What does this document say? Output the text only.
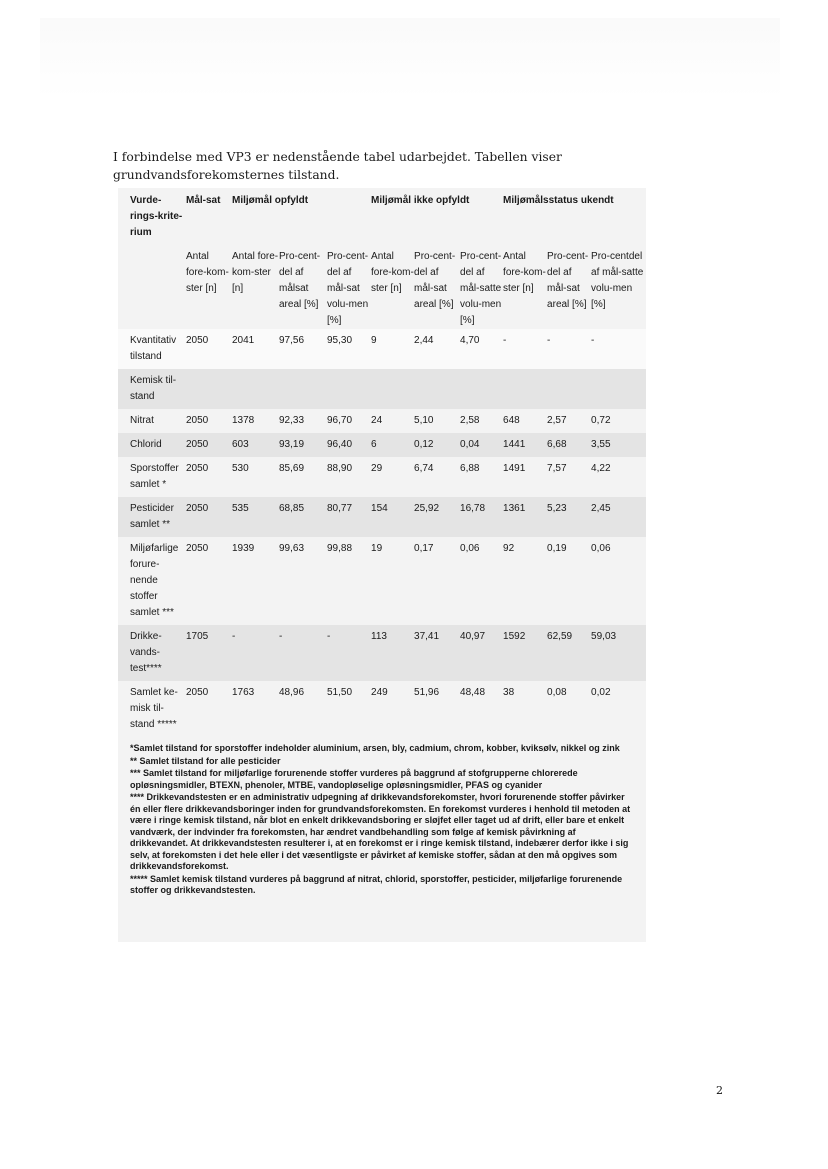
I forbindelse med VP3 er nedenstående tabel udarbejdet. Tabellen viser grundvandsforekomsternes tilstand.
Vurde-rings-krite-rium	Mål-sat	Miljømål opfyldt			Miljømål ikke opfyldt			Miljømålsstatus ukendt		
	Antal fore-kom-ster [n]	Antal fore-kom-ster [n]	Pro-cent-del af målsat areal [%]	Pro-cent-del af mål-sat volu-men [%]	Antal fore-kom-ster [n]	Pro-cent-del af mål-sat areal [%]	Pro-cent-del af mål-satte volu-men [%]	Antal fore-kom-ster [n]	Pro-cent-del af mål-sat areal [%]	Pro-centdel af mål-satte volu-men [%]
Kvantitativ tilstand	2050	2041	97,56	95,30	9	2,44	4,70	-	-	-
Kemisk til-stand										
Nitrat	2050	1378	92,33	96,70	24	5,10	2,58	648	2,57	0,72
Chlorid	2050	603	93,19	96,40	6	0,12	0,04	1441	6,68	3,55
Sporstoffer samlet *	2050	530	85,69	88,90	29	6,74	6,88	1491	7,57	4,22
Pesticider samlet **	2050	535	68,85	80,77	154	25,92	16,78	1361	5,23	2,45
Miljøfarlige forure-nende stoffer samlet ***	2050	1939	99,63	99,88	19	0,17	0,06	92	0,19	0,06
Drikke-vands-test****	1705	-	-	-	113	37,41	40,97	1592	62,59	59,03
Samlet ke-misk til-stand *****	2050	1763	48,96	51,50	249	51,96	48,48	38	0,08	0,02
*Samlet tilstand for sporstoffer indeholder aluminium, arsen, bly, cadmium, chrom, kobber, kviksølv, nikkel og zink
** Samlet tilstand for alle pesticider
*** Samlet tilstand for miljøfarlige forurenende stoffer vurderes på baggrund af stofgrupperne chlorerede opløsningsmidler, BTEXN, phenoler, MTBE, vandopløselige opløsningsmidler, PFAS og cyanider
**** Drikkevandstesten er en administrativ udpegning af drikkevandsforekomster, hvori forurenende stoffer påvirker én eller flere drikkevandsboringer inden for grundvandsforekomsten. En forekomst vurderes i henhold til metoden at være i ringe kemisk tilstand, når blot en enkelt drikkevandsboring er sløjfet eller taget ud af drift, eller bare et enkelt vandværk, der indvinder fra forekomsten, har ændret vandbehandling som følge af kemisk påvirkning af drikkevandet. At drikkevandstesten resulterer i, at en forekomst er i ringe kemisk tilstand, indebærer derfor ikke i sig selv, at forekomsten i det hele eller i det væsentligste er påvirket af kemiske stoffer, sådan at den må opgives som drikkevandsforekomst.
***** Samlet kemisk tilstand vurderes på baggrund af nitrat, chlorid, sporstoffer, pesticider, miljøfarlige forurenende stoffer og drikkevandstesten.
2
